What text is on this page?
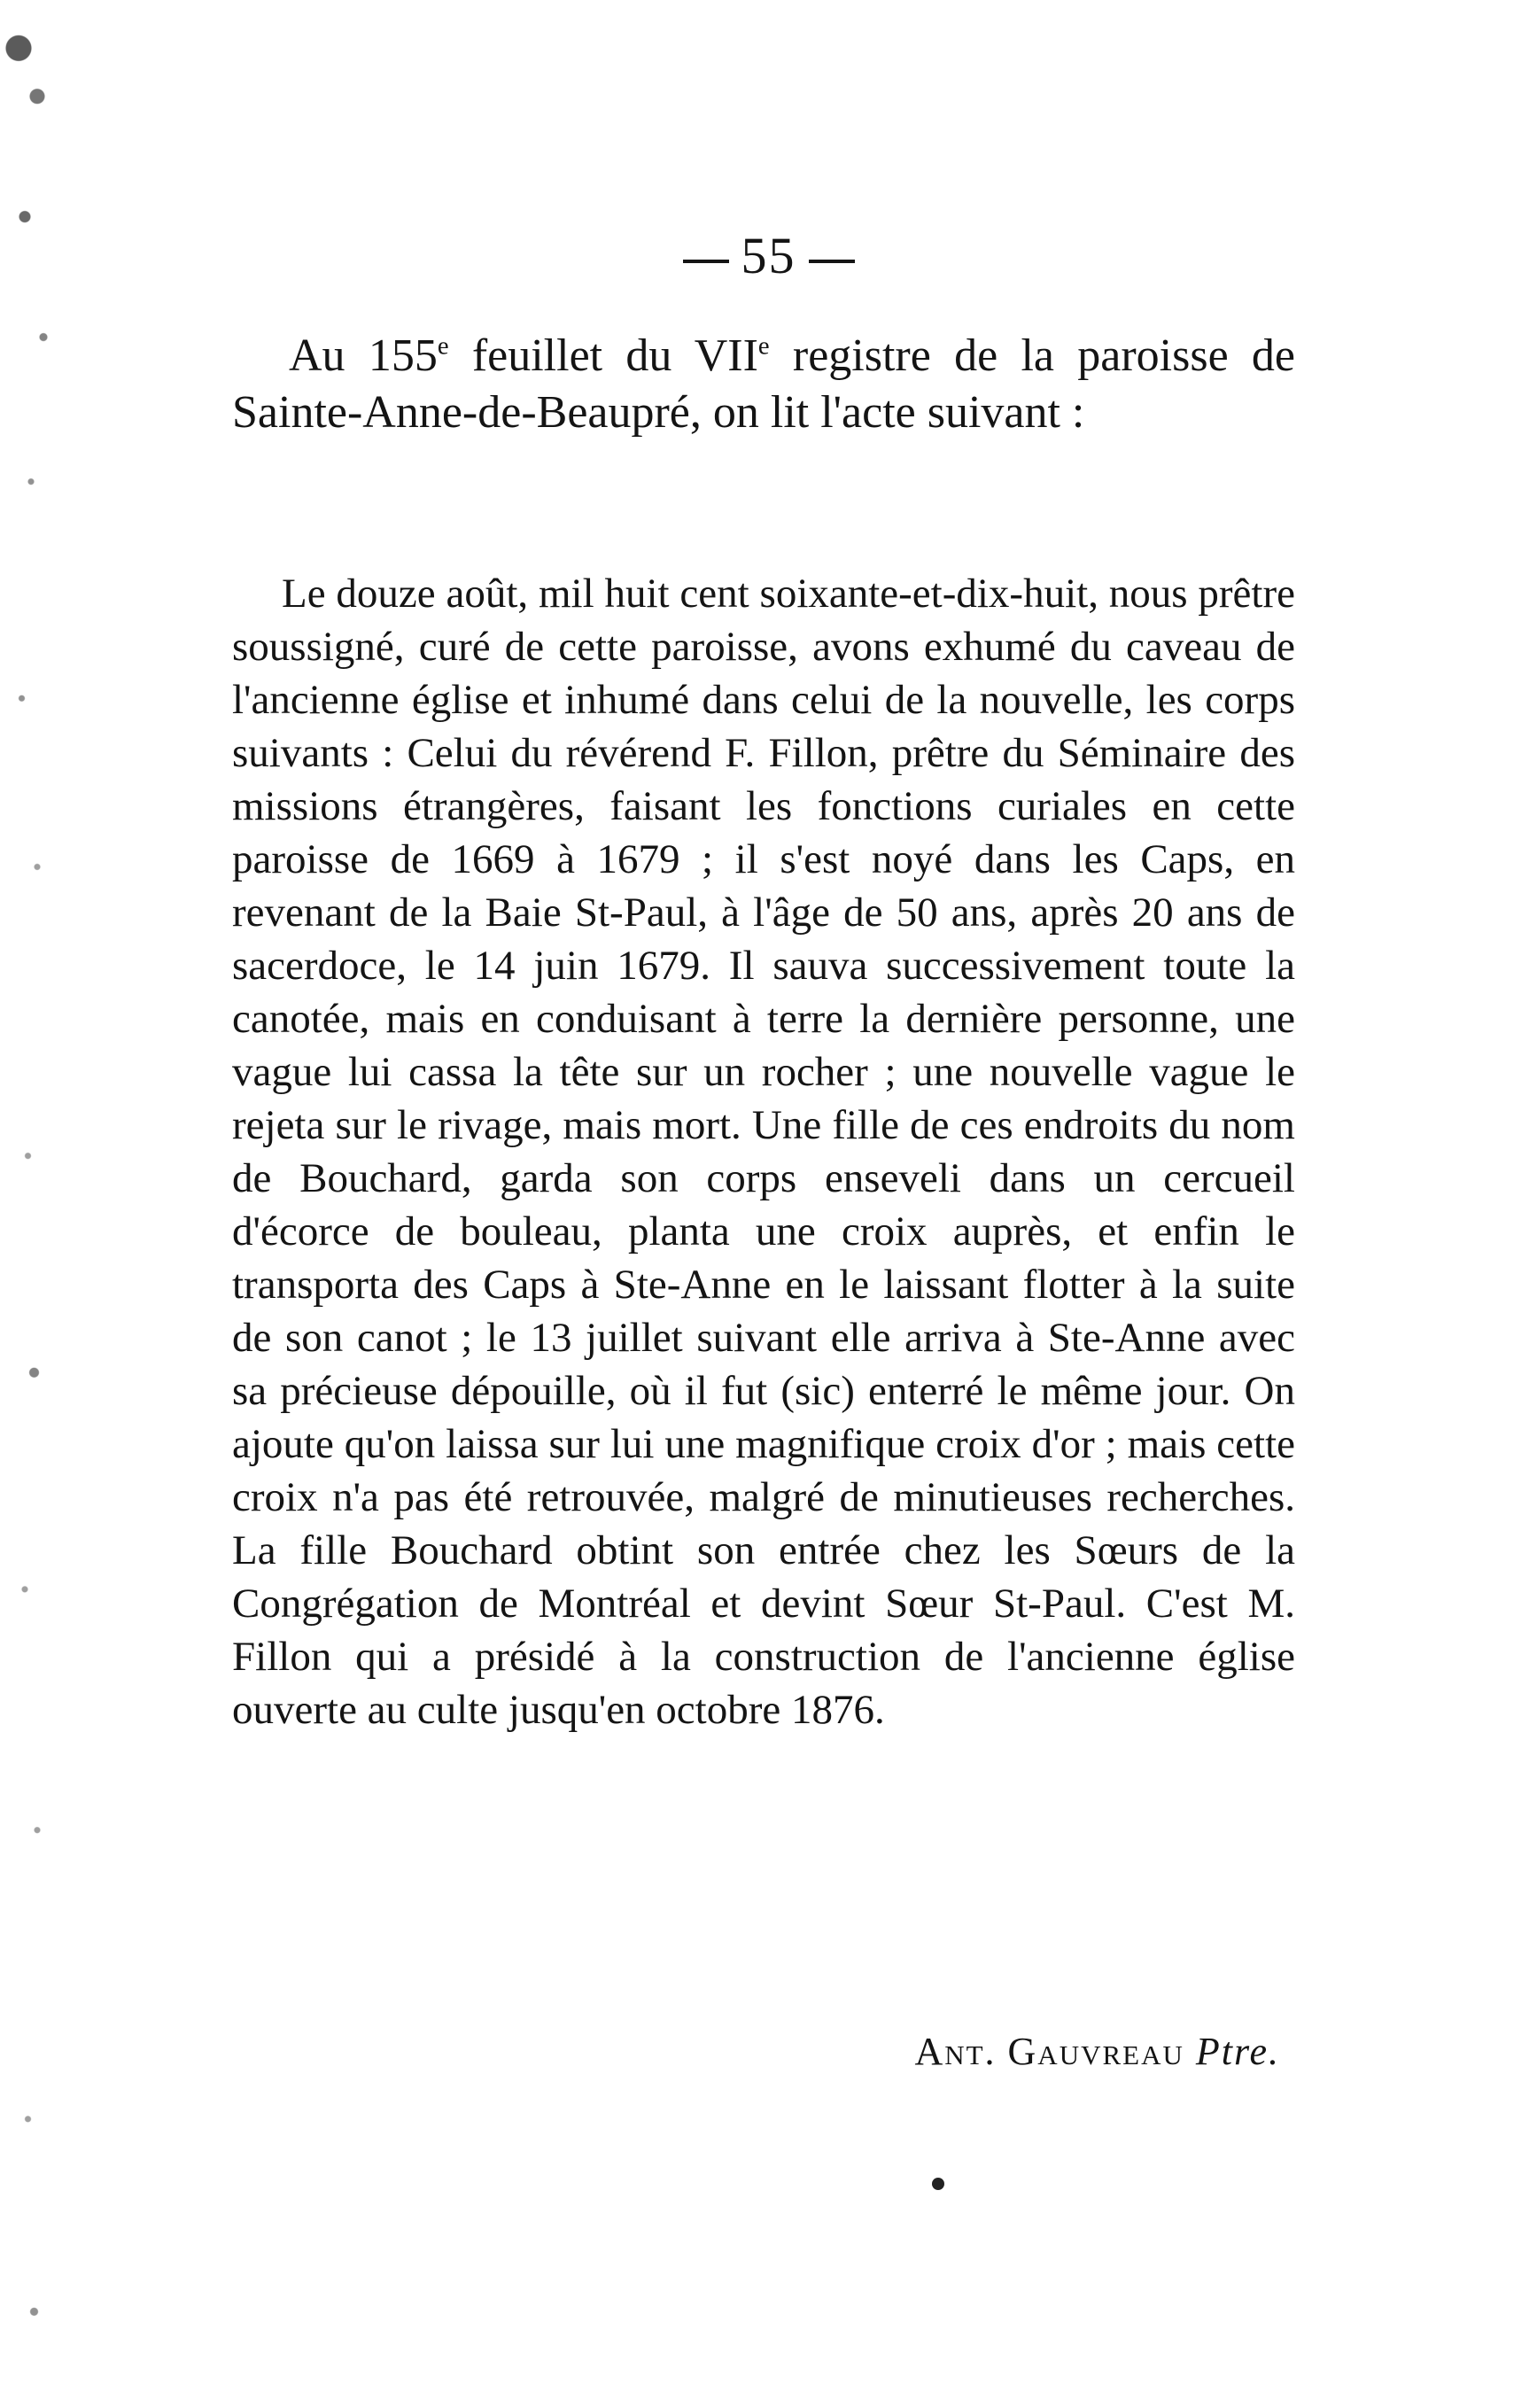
55

Au 155e feuillet du VIIe registre de la paroisse de Sainte-Anne-de-Beaupré, on lit l'acte suivant :

Le douze août, mil huit cent soixante-et-dix-huit, nous prêtre soussigné, curé de cette paroisse, avons exhumé du caveau de l'ancienne église et inhumé dans celui de la nouvelle, les corps suivants : Celui du révérend F. Fillon, prêtre du Séminaire des missions étrangères, faisant les fonctions curiales en cette paroisse de 1669 à 1679 ; il s'est noyé dans les Caps, en revenant de la Baie St-Paul, à l'âge de 50 ans, après 20 ans de sacerdoce, le 14 juin 1679. Il sauva successivement toute la canotée, mais en conduisant à terre la dernière personne, une vague lui cassa la tête sur un rocher ; une nouvelle vague le rejeta sur le rivage, mais mort. Une fille de ces endroits du nom de Bouchard, garda son corps enseveli dans un cercueil d'écorce de bouleau, planta une croix auprès, et enfin le transporta des Caps à Ste-Anne en le laissant flotter à la suite de son canot ; le 13 juillet suivant elle arriva à Ste-Anne avec sa précieuse dépouille, où il fut (sic) enterré le même jour. On ajoute qu'on laissa sur lui une magnifique croix d'or ; mais cette croix n'a pas été retrouvée, malgré de minutieuses recherches. La fille Bouchard obtint son entrée chez les Sœurs de la Congrégation de Montréal et devint Sœur St-Paul. C'est M. Fillon qui a présidé à la construction de l'ancienne église ouverte au culte jusqu'en octobre 1876.

Ant. Gauvreau Ptre.
